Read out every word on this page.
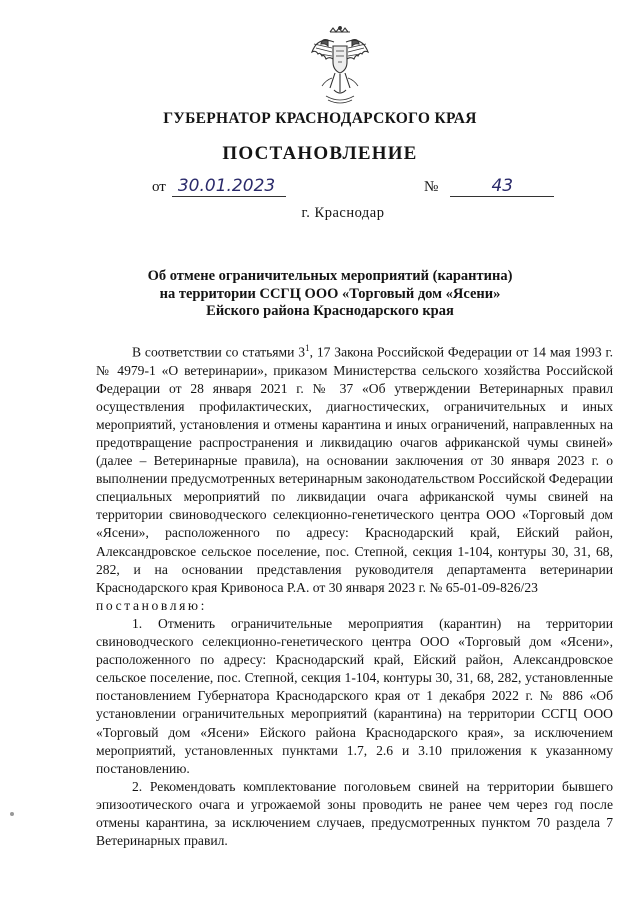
ГУБЕРНАТОР КРАСНОДАРСКОГО КРАЯ
ПОСТАНОВЛЕНИЕ
от 30.01.2023	№	43
г. Краснодар
Об отмене ограничительных мероприятий (карантина)
на территории ССГЦ ООО «Торговый дом «Ясени»
Ейского района Краснодарского края

В соответствии со статьями $3^1$, 17 Закона Российской Федерации от 14 мая 1993 г. № 4979-1 «О ветеринарии», приказом Министерства сельского хозяйства Российской Федерации от 28 января 2021 г. № 37 «Об утверждении Ветеринарных правил осуществления профилактических, диагностических, ограничительных и иных мероприятий, установления и отмены карантина и иных ограничений, направленных на предотвращение распространения и ликвидацию очагов африканской чумы свиней» (далее – Ветеринарные правила), на основании заключения от 30 января 2023 г. о выполнении предусмотренных ветеринарным законодательством Российской Федерации специальных мероприятий по ликвидации очага африканской чумы свиней на территории свиноводческого селекционно-генетического центра ООО «Торговый дом «Ясени», расположенного по адресу: Краснодарский край, Ейский район, Александровское сельское поселение, пос. Степной, секция 1-104, контуры 30, 31, 68, 282, и на основании представления руководителя департамента ветеринарии Краснодарского края Кривоноса Р.А. от 30 января 2023 г. № 65-01-09-826/23
постановляю:

1. Отменить ограничительные мероприятия (карантин) на территории свиноводческого селекционно-генетического центра ООО «Торговый дом «Ясени», расположенного по адресу: Краснодарский край, Ейский район, Александровское сельское поселение, пос. Степной, секция 1-104, контуры 30, 31, 68, 282, установленные постановлением Губернатора Краснодарского края от 1 декабря 2022 г. № 886 «Об установлении ограничительных мероприятий (карантина) на территории ССГЦ ООО «Торговый дом «Ясени» Ейского района Краснодарского края», за исключением мероприятий, установленных пунктами 1.7, 2.6 и 3.10 приложения к указанному постановлению.

2. Рекомендовать комплектование поголовьем свиней на территории бывшего эпизоотического очага и угрожаемой зоны проводить не ранее чем через год после отмены карантина, за исключением случаев, предусмотренных пунктом 70 раздела 7 Ветеринарных правил.
